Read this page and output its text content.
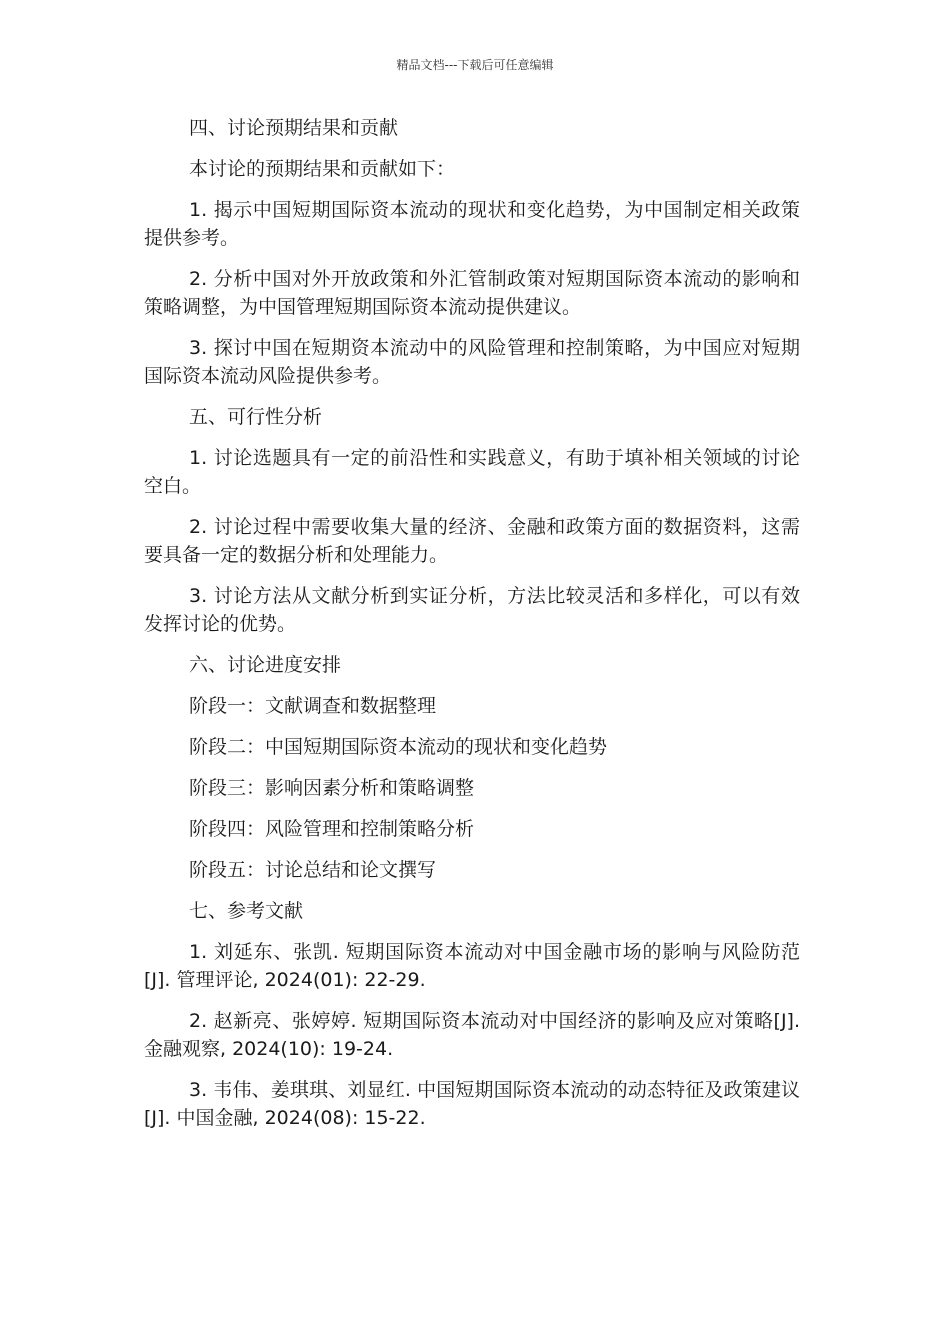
精品文档---下载后可任意编辑

四、讨论预期结果和贡献

本讨论的预期结果和贡献如下：

1. 揭示中国短期国际资本流动的现状和变化趋势，为中国制定相关政策提供参考。

2. 分析中国对外开放政策和外汇管制政策对短期国际资本流动的影响和策略调整，为中国管理短期国际资本流动提供建议。

3. 探讨中国在短期资本流动中的风险管理和控制策略，为中国应对短期国际资本流动风险提供参考。

五、可行性分析

1. 讨论选题具有一定的前沿性和实践意义，有助于填补相关领域的讨论空白。

2. 讨论过程中需要收集大量的经济、金融和政策方面的数据资料，这需要具备一定的数据分析和处理能力。

3. 讨论方法从文献分析到实证分析，方法比较灵活和多样化，可以有效发挥讨论的优势。

六、讨论进度安排

阶段一：文献调查和数据整理

阶段二：中国短期国际资本流动的现状和变化趋势

阶段三：影响因素分析和策略调整

阶段四：风险管理和控制策略分析

阶段五：讨论总结和论文撰写

七、参考文献

1. 刘延东、张凯. 短期国际资本流动对中国金融市场的影响与风险防范[J]. 管理评论, 2024(01): 22-29.

2. 赵新亮、张婷婷. 短期国际资本流动对中国经济的影响及应对策略[J]. 金融观察, 2024(10): 19-24.

3. 韦伟、姜琪琪、刘显红. 中国短期国际资本流动的动态特征及政策建议[J]. 中国金融, 2024(08): 15-22.
